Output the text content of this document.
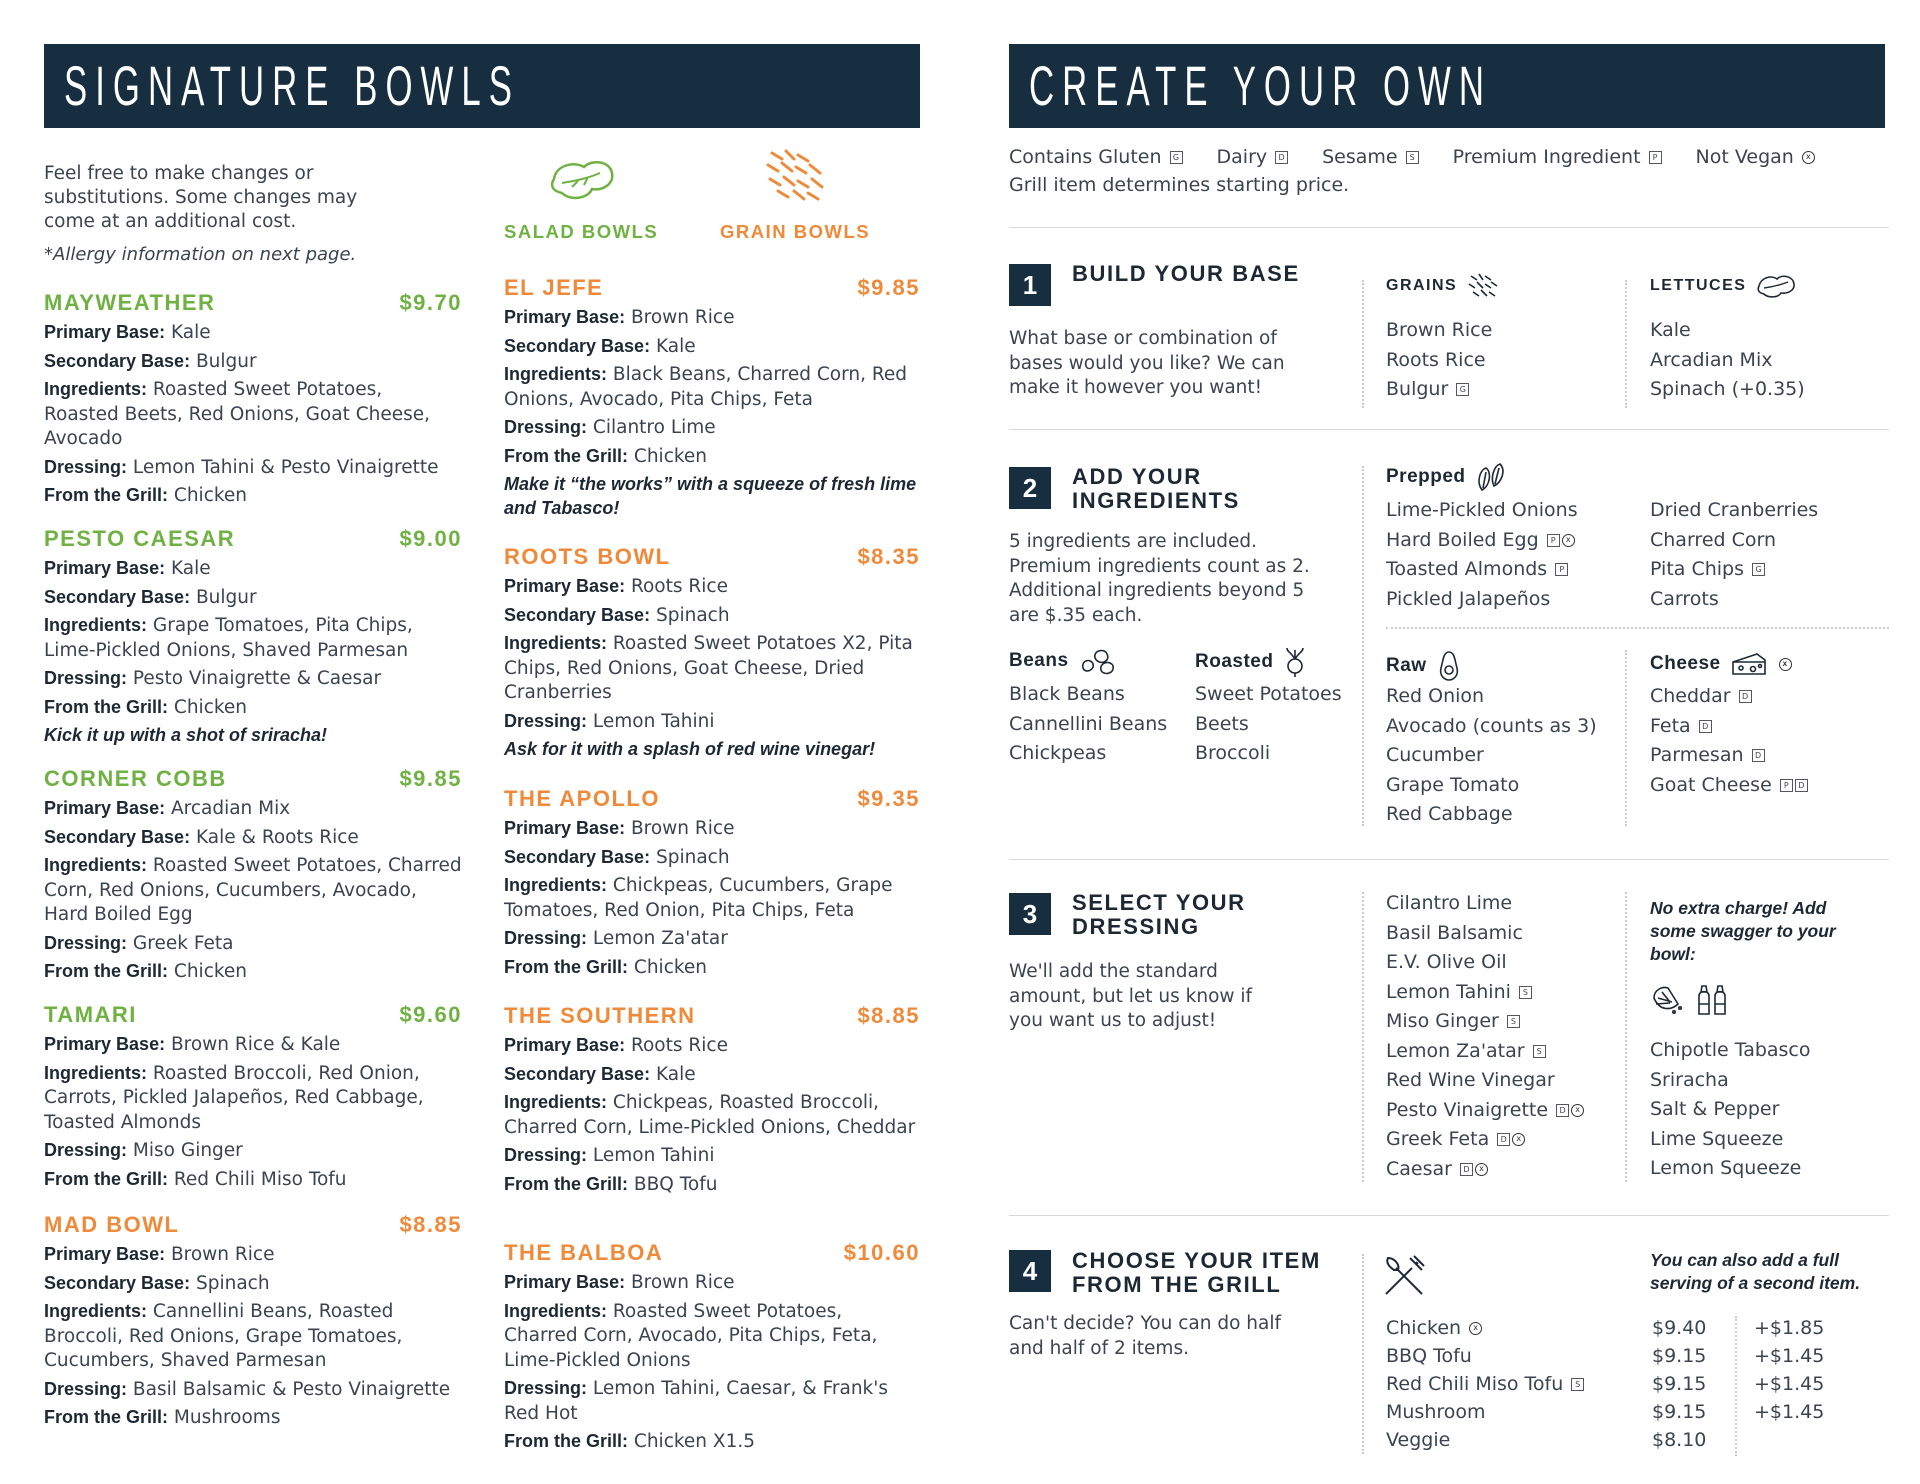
SIGNATURE BOWLS
Feel free to make changes or substitutions. Some changes may come at an additional cost.
*Allergy information on next page.
SALAD BOWLS	GRAIN BOWLS
MAYWEATHER	$9.70
Primary Base: Kale
Secondary Base: Bulgur
Ingredients: Roasted Sweet Potatoes, Roasted Beets, Red Onions, Goat Cheese, Avocado
Dressing: Lemon Tahini & Pesto Vinaigrette
From the Grill: Chicken
PESTO CAESAR	$9.00
Primary Base: Kale
Secondary Base: Bulgur
Ingredients: Grape Tomatoes, Pita Chips, Lime-Pickled Onions, Shaved Parmesan
Dressing: Pesto Vinaigrette & Caesar
From the Grill: Chicken
Kick it up with a shot of sriracha!
CORNER COBB	$9.85
Primary Base: Arcadian Mix
Secondary Base: Kale & Roots Rice
Ingredients: Roasted Sweet Potatoes, Charred Corn, Red Onions, Cucumbers, Avocado, Hard Boiled Egg
Dressing: Greek Feta
From the Grill: Chicken
TAMARI	$9.60
Primary Base: Brown Rice & Kale
Ingredients: Roasted Broccoli, Red Onion, Carrots, Pickled Jalapeños, Red Cabbage, Toasted Almonds
Dressing: Miso Ginger
From the Grill: Red Chili Miso Tofu
MAD BOWL	$8.85
Primary Base: Brown Rice
Secondary Base: Spinach
Ingredients: Cannellini Beans, Roasted Broccoli, Red Onions, Grape Tomatoes, Cucumbers, Shaved Parmesan
Dressing: Basil Balsamic & Pesto Vinaigrette
From the Grill: Mushrooms
EL JEFE	$9.85
Primary Base: Brown Rice
Secondary Base: Kale
Ingredients: Black Beans, Charred Corn, Red Onions, Avocado, Pita Chips, Feta
Dressing: Cilantro Lime
From the Grill: Chicken
Make it “the works” with a squeeze of fresh lime and Tabasco!
ROOTS BOWL	$8.35
Primary Base: Roots Rice
Secondary Base: Spinach
Ingredients: Roasted Sweet Potatoes X2, Pita Chips, Red Onions, Goat Cheese, Dried Cranberries
Dressing: Lemon Tahini
Ask for it with a splash of red wine vinegar!
THE APOLLO	$9.35
Primary Base: Brown Rice
Secondary Base: Spinach
Ingredients: Chickpeas, Cucumbers, Grape Tomatoes, Red Onion, Pita Chips, Feta
Dressing: Lemon Za'atar
From the Grill: Chicken
THE SOUTHERN	$8.85
Primary Base: Roots Rice
Secondary Base: Kale
Ingredients: Chickpeas, Roasted Broccoli, Charred Corn, Lime-Pickled Onions, Cheddar
Dressing: Lemon Tahini
From the Grill: BBQ Tofu
THE BALBOA	$10.60
Primary Base: Brown Rice
Ingredients: Roasted Sweet Potatoes, Charred Corn, Avocado, Pita Chips, Feta, Lime-Pickled Onions
Dressing: Lemon Tahini, Caesar, & Frank's Red Hot
From the Grill: Chicken X1.5
CREATE YOUR OWN
Contains Gluten	G Dairy	D Sesame	S Premium Ingredient	P Not Vegan	x
Grill item determines starting price.
1	BUILD YOUR BASE
What base or combination of bases would you like? We can make it however you want!
GRAINS
Brown Rice
Roots Rice
Bulgur G
LETTUCES
Kale
Arcadian Mix
Spinach (+0.35)
2	ADD YOUR INGREDIENTS
5 ingredients are included. Premium ingredients count as 2. Additional ingredients beyond 5 are $.35 each.
Beans
Black Beans
Cannellini Beans
Chickpeas
Roasted
Sweet Potatoes
Beets
Broccoli
Prepped
Lime-Pickled Onions
Hard Boiled Egg P x
Toasted Almonds P
Pickled Jalapeños
Dried Cranberries
Charred Corn
Pita Chips G
Carrots
Raw
Red Onion
Avocado (counts as 3)
Cucumber
Grape Tomato
Red Cabbage
Cheese	x
Cheddar D
Feta D
Parmesan D
Goat Cheese P D
3	SELECT YOUR DRESSING
We'll add the standard amount, but let us know if you want us to adjust!
Cilantro Lime
Basil Balsamic
E.V. Olive Oil
Lemon Tahini S
Miso Ginger S
Lemon Za'atar S
Red Wine Vinegar
Pesto Vinaigrette D x
Greek Feta D x
Caesar D x
No extra charge! Add some swagger to your bowl:
Chipotle Tabasco
Sriracha
Salt & Pepper
Lime Squeeze
Lemon Squeeze
4	CHOOSE YOUR ITEM FROM THE GRILL
Can't decide? You can do half and half of 2 items.
You can also add a full serving of a second item.
Chicken x	$9.40	+$1.85
BBQ Tofu	$9.15	+$1.45
Red Chili Miso Tofu S	$9.15	+$1.45
Mushroom	$9.15	+$1.45
Veggie	$8.10
